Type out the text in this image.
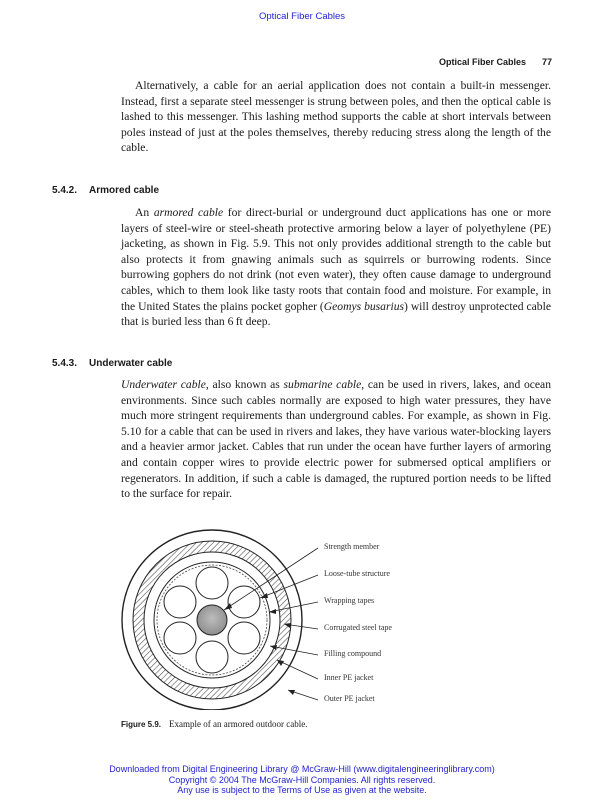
Optical Fiber Cables
Optical Fiber Cables 77

Alternatively, a cable for an aerial application does not contain a built-in messenger. Instead, first a separate steel messenger is strung between poles, and then the optical cable is lashed to this messenger. This lashing method supports the cable at short intervals between poles instead of just at the poles themselves, thereby reducing stress along the length of the cable.

5.4.2. Armored cable

An armored cable for direct-burial or underground duct applications has one or more layers of steel-wire or steel-sheath protective armoring below a layer of polyethylene (PE) jacketing, as shown in Fig. 5.9. This not only provides additional strength to the cable but also protects it from gnawing animals such as squirrels or burrowing rodents. Since burrowing gophers do not drink (not even water), they often cause damage to underground cables, which to them look like tasty roots that contain food and moisture. For example, in the United States the plains pocket gopher (Geomys busarius) will destroy unprotected cable that is buried less than 6 ft deep.

5.4.3. Underwater cable

Underwater cable, also known as submarine cable, can be used in rivers, lakes, and ocean environments. Since such cables normally are exposed to high water pressures, they have much more stringent requirements than underground cables. For example, as shown in Fig. 5.10 for a cable that can be used in rivers and lakes, they have various water-blocking layers and a heavier armor jacket. Cables that run under the ocean have further layers of armoring and contain copper wires to provide electric power for submersed optical amplifiers or regenerators. In addition, if such a cable is damaged, the ruptured portion needs to be lifted to the surface for repair.

Strength member
Loose-tube structure
Wrapping tapes
Corrugated steel tape
Filling compound
Inner PE jacket
Outer PE jacket
Figure 5.9. Example of an armored outdoor cable.
Downloaded from Digital Engineering Library @ McGraw-Hill (www.digitalengineeringlibrary.com)
Copyright © 2004 The McGraw-Hill Companies. All rights reserved.
Any use is subject to the Terms of Use as given at the website.
